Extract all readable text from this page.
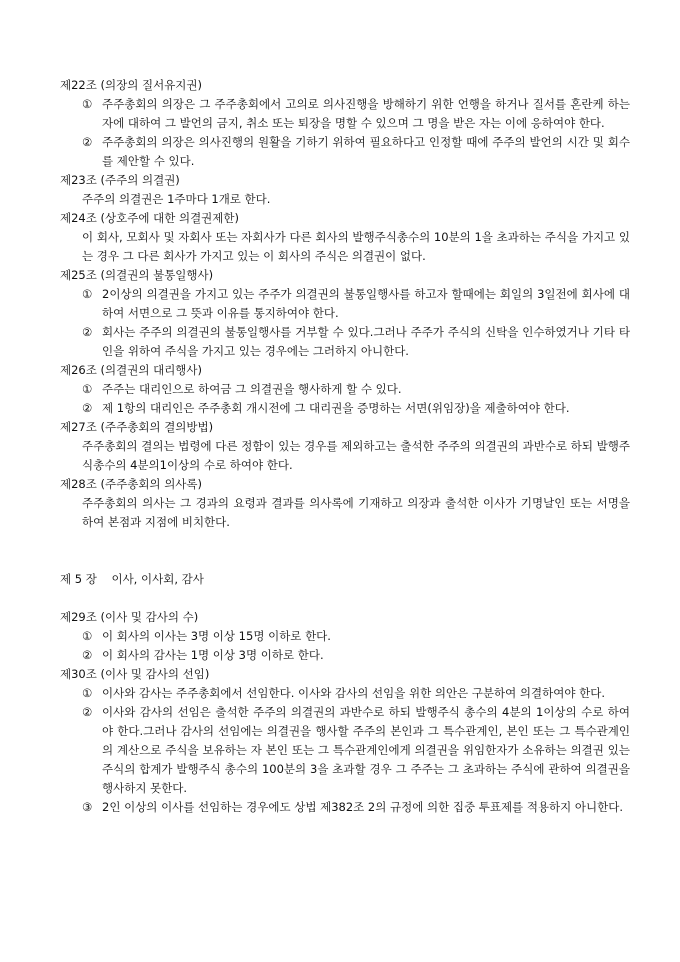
제22조 (의장의 질서유지권)
① 주주총회의 의장은 그 주주총회에서 고의로 의사진행을 방해하기 위한 언행을 하거나 질서를 혼란케 하는 자에 대하여 그 발언의 금지, 취소 또는 퇴장을 명할 수 있으며 그 명을 받은 자는 이에 응하여야 한다.
② 주주총회의 의장은 의사진행의 원활을 기하기 위하여 필요하다고 인정할 때에 주주의 발언의 시간 및 회수를 제안할 수 있다.
제23조 (주주의 의결권)
주주의 의결권은 1주마다 1개로 한다.
제24조 (상호주에 대한 의결권제한)
이 회사, 모회사 및 자회사 또는 자회사가 다른 회사의 발행주식총수의 10분의 1을 초과하는 주식을 가지고 있는 경우 그 다른 회사가 가지고 있는 이 회사의 주식은 의결권이 없다.
제25조 (의결권의 불통일행사)
① 2이상의 의결권을 가지고 있는 주주가 의결권의 불통일행사를 하고자 할때에는 회일의 3일전에 회사에 대하여 서면으로 그 뜻과 이유를 통지하여야 한다.
② 회사는 주주의 의결권의 불통일행사를 거부할 수 있다.그러나 주주가 주식의 신탁을 인수하였거나 기타 타인을 위하여 주식을 가지고 있는 경우에는 그러하지 아니한다.
제26조 (의결권의 대리행사)
① 주주는 대리인으로 하여금 그 의결권을 행사하게 할 수 있다.
② 제 1항의 대리인은 주주총회 개시전에 그 대리권을 증명하는 서면(위임장)을 제출하여야 한다.
제27조 (주주총회의 결의방법)
주주총회의 결의는 법령에 다른 정함이 있는 경우를 제외하고는 출석한 주주의 의결권의 과반수로 하되 발행주식총수의 4분의1이상의 수로 하여야 한다.
제28조 (주주총회의 의사록)
주주총회의 의사는 그 경과의 요령과 결과를 의사록에 기재하고 의장과 출석한 이사가 기명날인 또는 서명을 하여 본점과 지점에 비치한다.
제 5 장    이사, 이사회, 감사
제29조 (이사 및 감사의 수)
① 이 회사의 이사는 3명 이상 15명 이하로 한다.
② 이 회사의 감사는 1명 이상 3명 이하로 한다.
제30조 (이사 및 감사의 선임)
① 이사와 감사는 주주총회에서 선임한다. 이사와 감사의 선임을 위한 의안은 구분하여 의결하여야 한다.
② 이사와 감사의 선임은 출석한 주주의 의결권의 과반수로 하되 발행주식 총수의 4분의 1이상의 수로 하여야 한다.그러나 감사의 선임에는 의결권을 행사할 주주의 본인과 그 특수관계인, 본인 또는 그 특수관계인의 계산으로 주식을 보유하는 자 본인 또는 그 특수관계인에게 의결권을 위임한자가 소유하는 의결권 있는 주식의 합계가 발행주식 총수의 100분의 3을 초과할 경우 그 주주는 그 초과하는 주식에 관하여 의결권을 행사하지 못한다.
③ 2인 이상의 이사를 선임하는 경우에도 상법 제382조 2의 규정에 의한 집중 투표제를 적용하지 아니한다.
